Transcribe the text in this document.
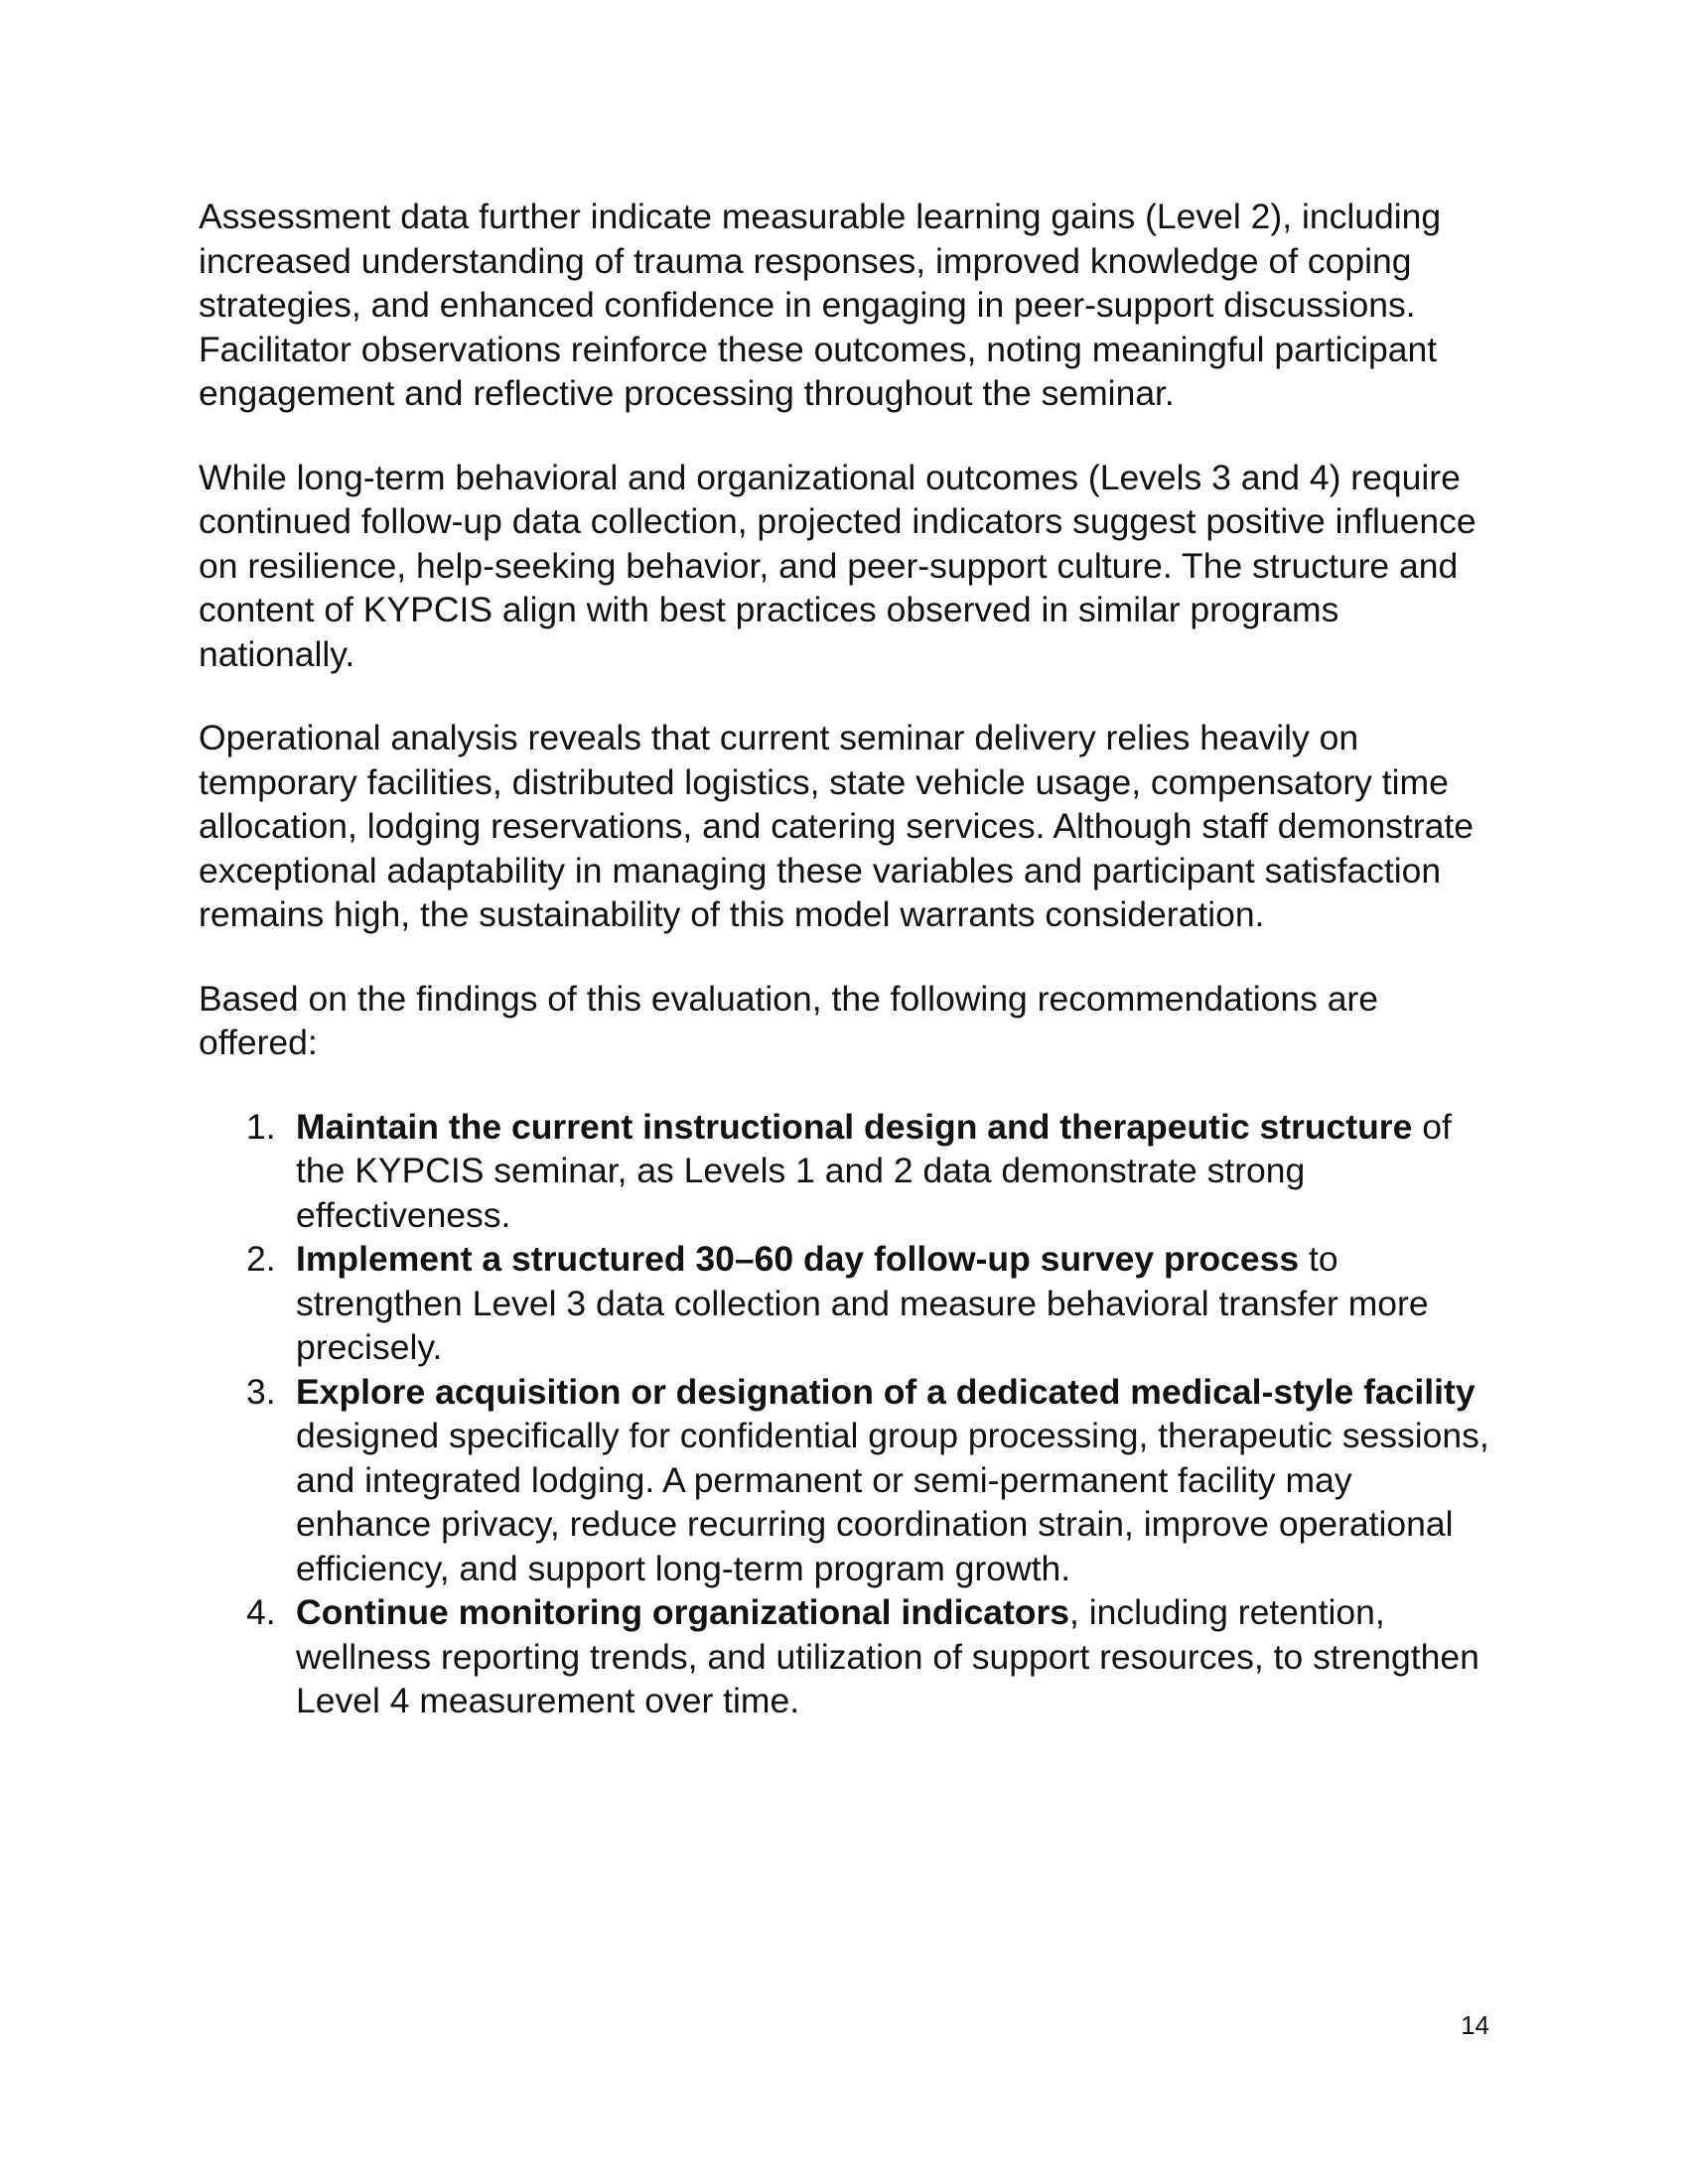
Assessment data further indicate measurable learning gains (Level 2), including increased understanding of trauma responses, improved knowledge of coping strategies, and enhanced confidence in engaging in peer-support discussions. Facilitator observations reinforce these outcomes, noting meaningful participant engagement and reflective processing throughout the seminar.

While long-term behavioral and organizational outcomes (Levels 3 and 4) require continued follow-up data collection, projected indicators suggest positive influence on resilience, help-seeking behavior, and peer-support culture. The structure and content of KYPCIS align with best practices observed in similar programs nationally.

Operational analysis reveals that current seminar delivery relies heavily on temporary facilities, distributed logistics, state vehicle usage, compensatory time allocation, lodging reservations, and catering services. Although staff demonstrate exceptional adaptability in managing these variables and participant satisfaction remains high, the sustainability of this model warrants consideration.

Based on the findings of this evaluation, the following recommendations are offered:

1. Maintain the current instructional design and therapeutic structure of the KYPCIS seminar, as Levels 1 and 2 data demonstrate strong effectiveness.
2. Implement a structured 30–60 day follow-up survey process to strengthen Level 3 data collection and measure behavioral transfer more precisely.
3. Explore acquisition or designation of a dedicated medical-style facility designed specifically for confidential group processing, therapeutic sessions, and integrated lodging. A permanent or semi-permanent facility may enhance privacy, reduce recurring coordination strain, improve operational efficiency, and support long-term program growth.
4. Continue monitoring organizational indicators, including retention, wellness reporting trends, and utilization of support resources, to strengthen Level 4 measurement over time.
14
